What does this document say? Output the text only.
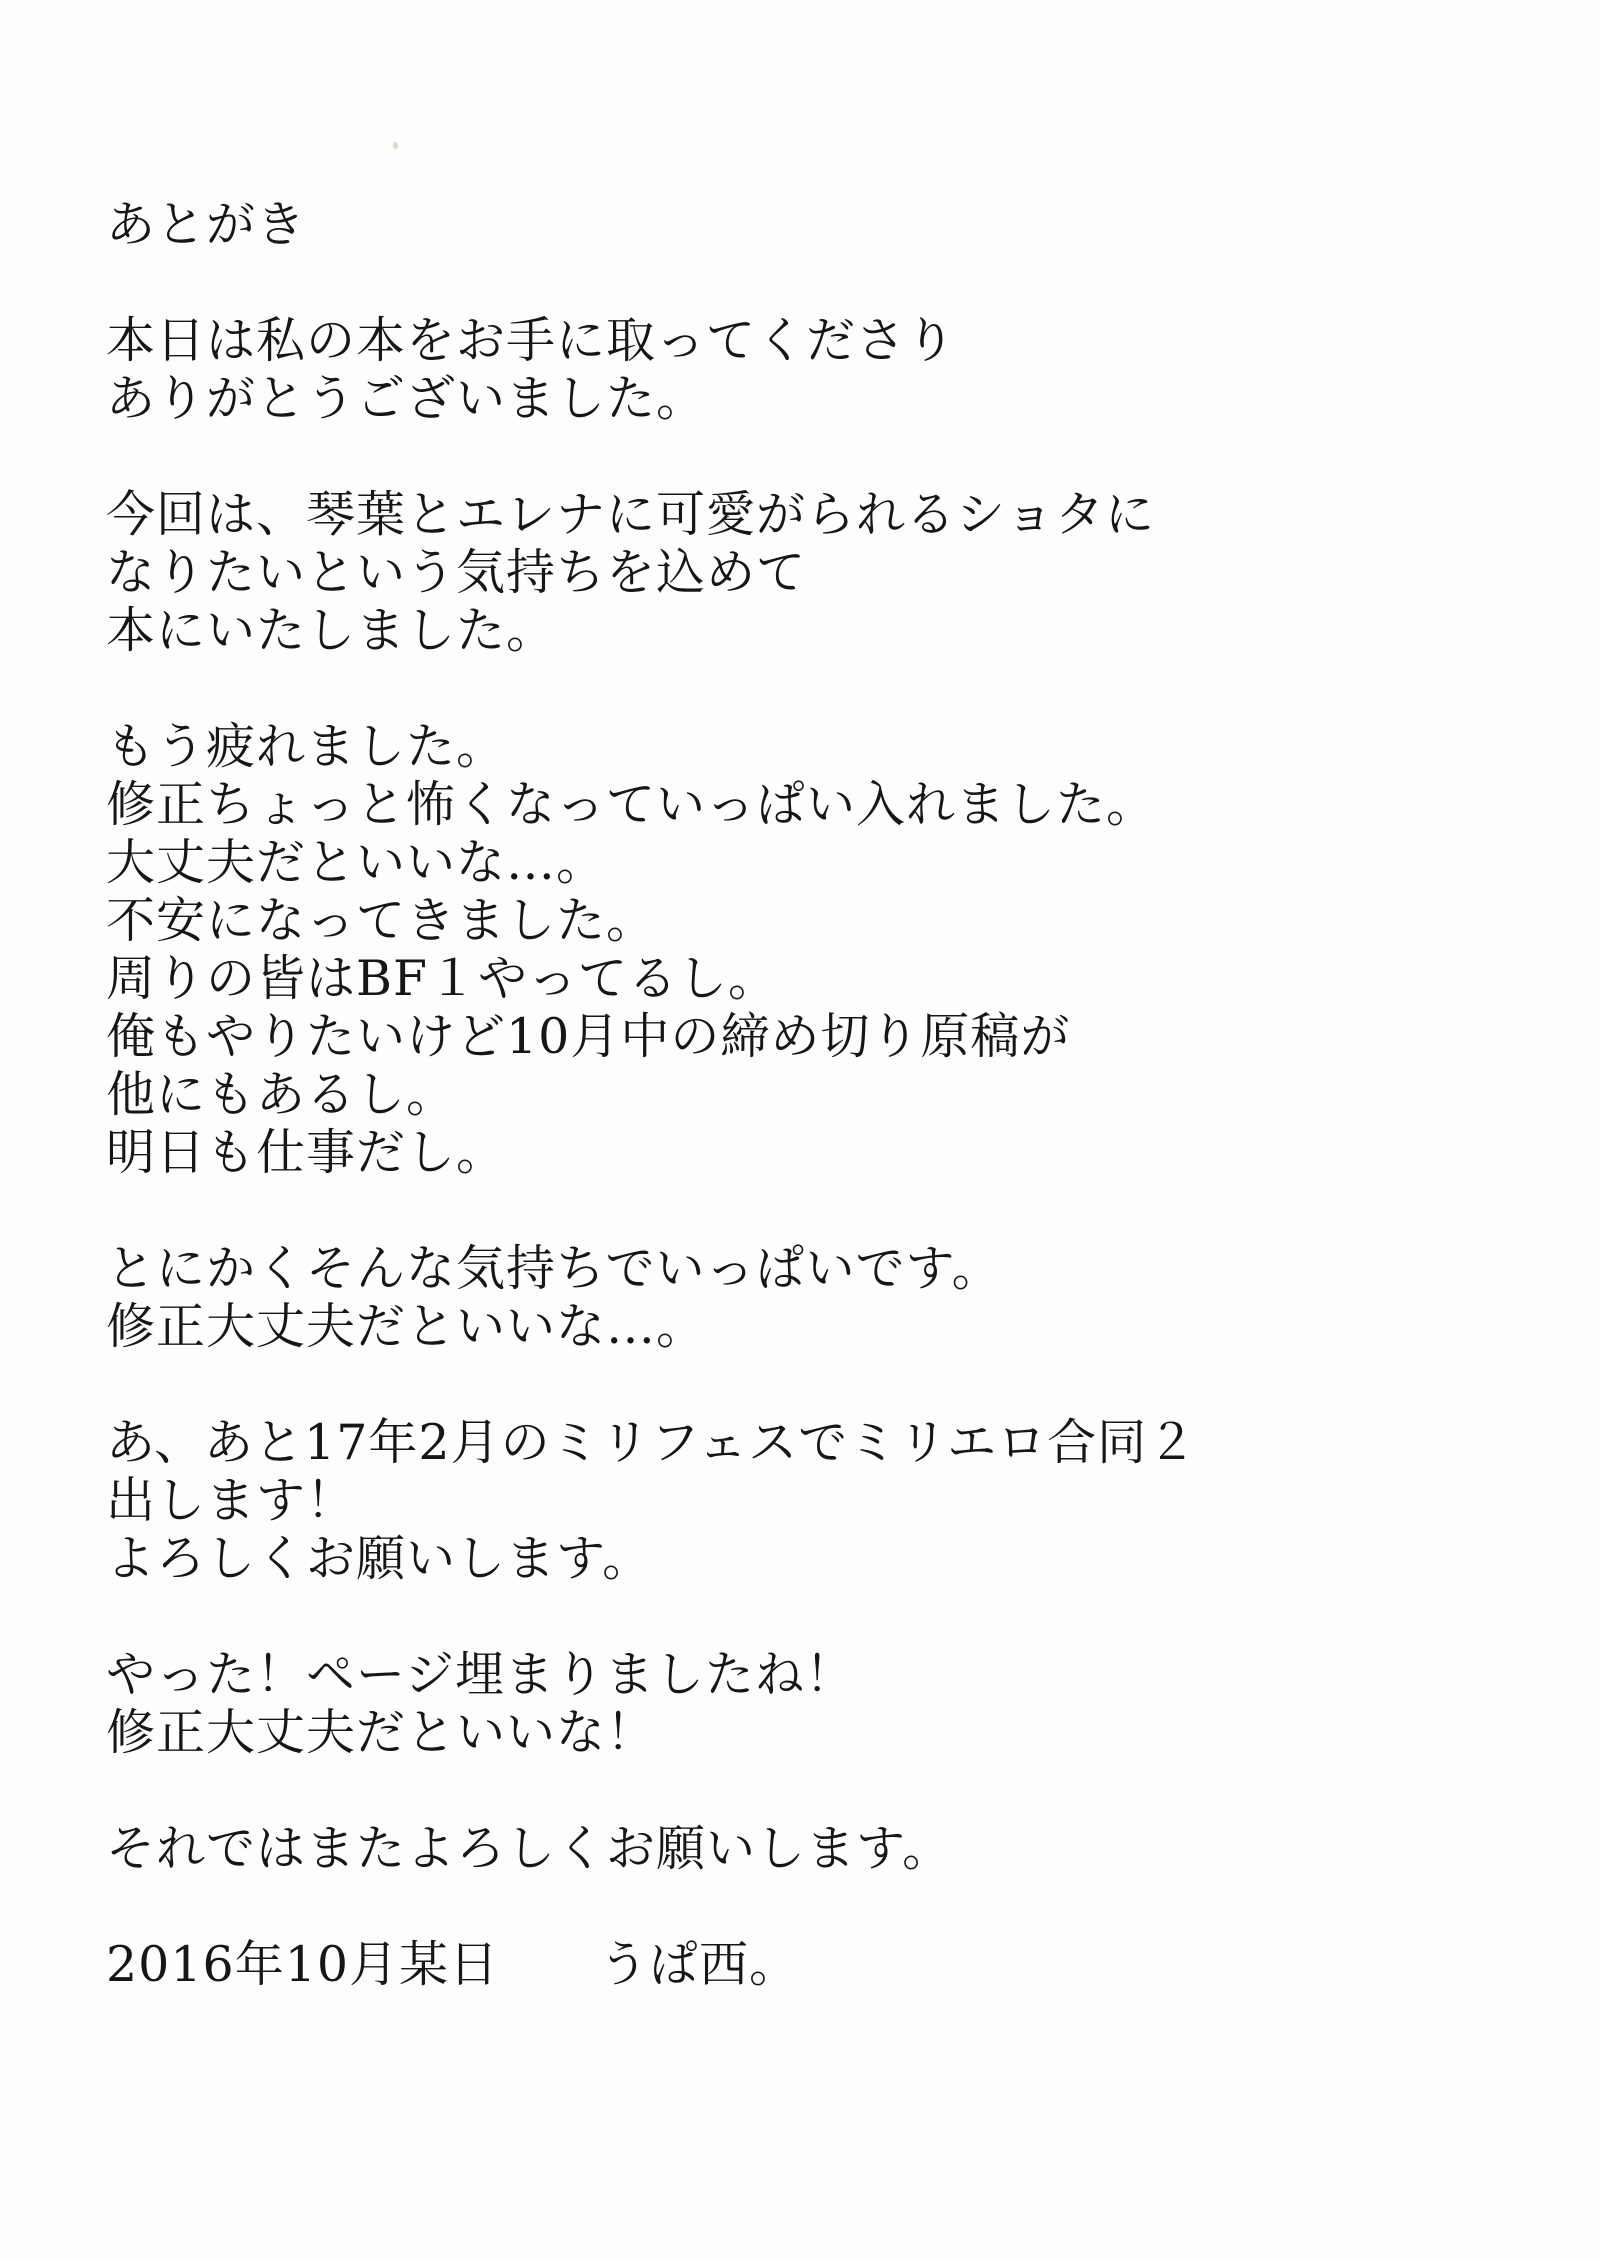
あとがき
本日は私の本をお手に取ってくださり
ありがとうございました。
今回は、琴葉とエレナに可愛がられるショタに
なりたいという気持ちを込めて
本にいたしました。
もう疲れました。
修正ちょっと怖くなっていっぱい入れました。
大丈夫だといいな…。
不安になってきました。
周りの皆はBF１やってるし。
俺もやりたいけど10月中の締め切り原稿が
他にもあるし。
明日も仕事だし。
とにかくそんな気持ちでいっぱいです。
修正大丈夫だといいな…。
あ、あと17年2月のミリフェスでミリエロ合同２
出します！
よろしくお願いします。
やった！ページ埋まりましたね！
修正大丈夫だといいな！
それではまたよろしくお願いします。
2016年10月某日　　うぱ西。
